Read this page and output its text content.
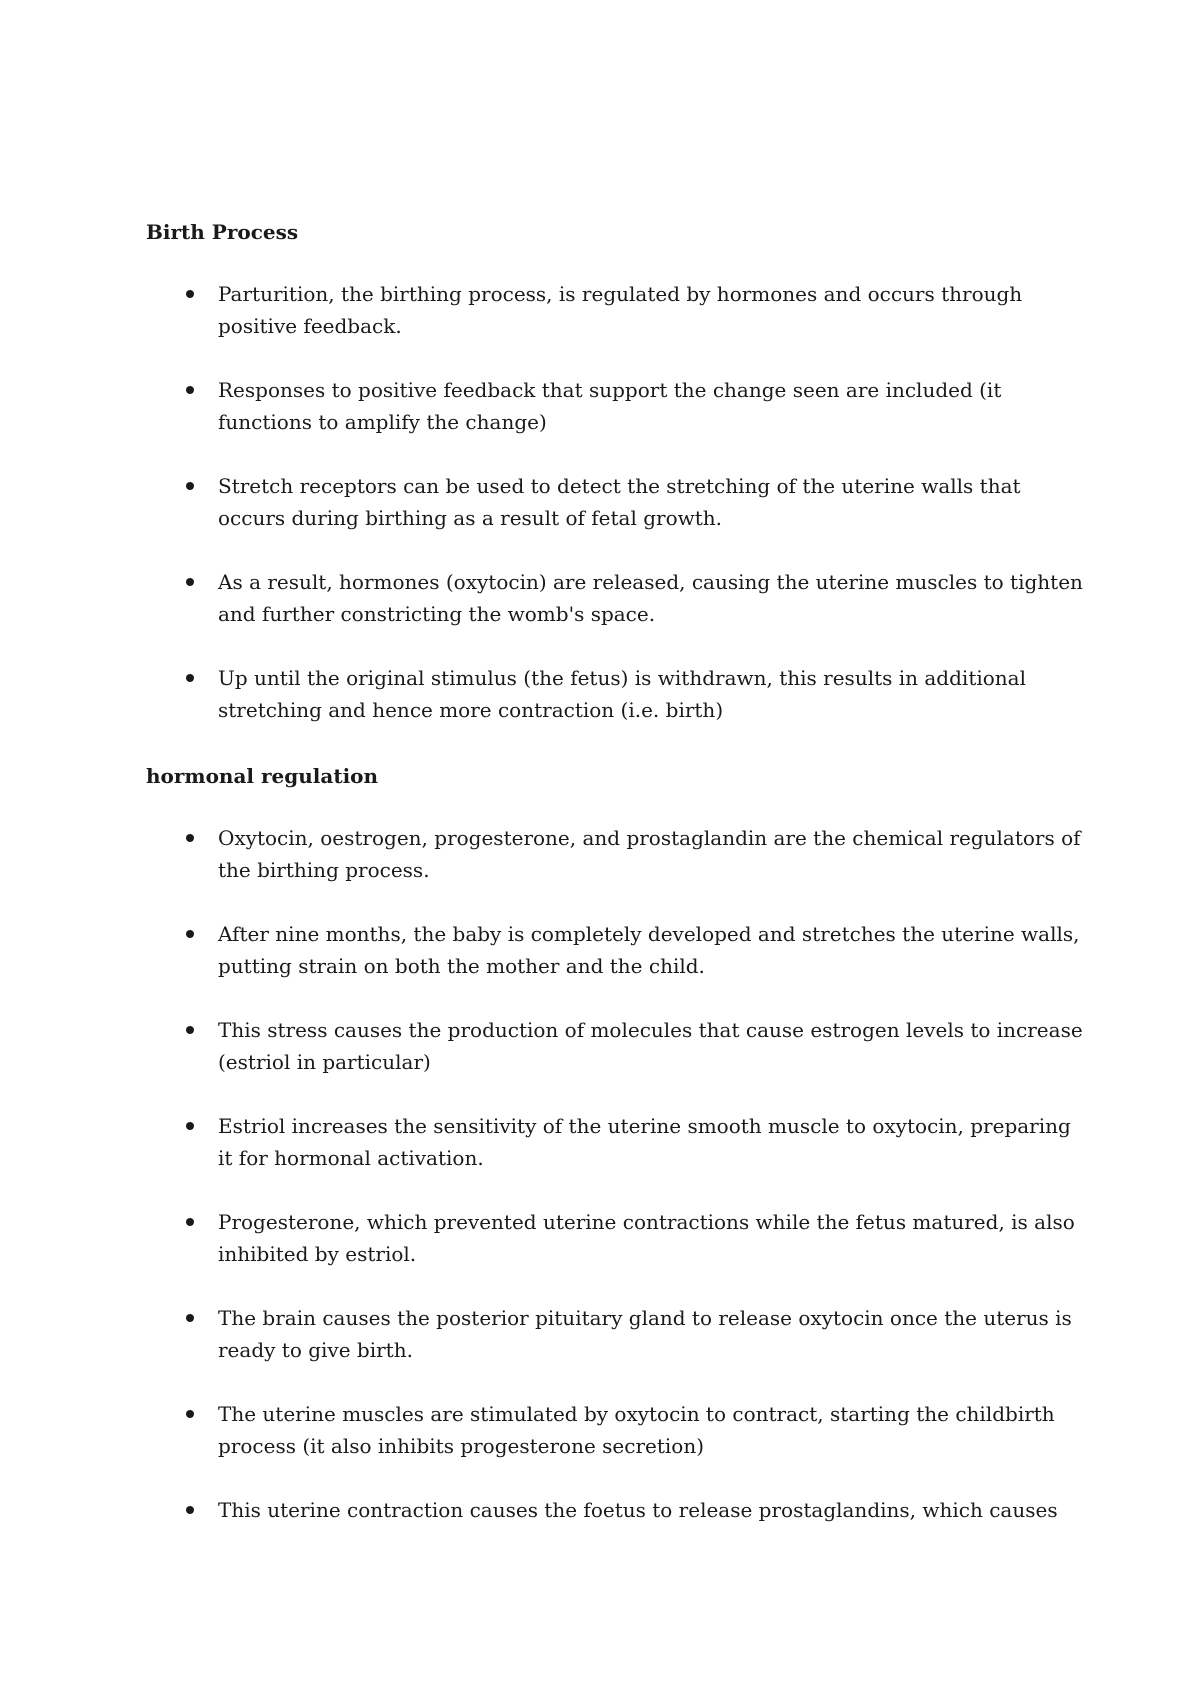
Birth Process
Parturition, the birthing process, is regulated by hormones and occurs through positive feedback.
Responses to positive feedback that support the change seen are included (it functions to amplify the change)
Stretch receptors can be used to detect the stretching of the uterine walls that occurs during birthing as a result of fetal growth.
As a result, hormones (oxytocin) are released, causing the uterine muscles to tighten and further constricting the womb's space.
Up until the original stimulus (the fetus) is withdrawn, this results in additional stretching and hence more contraction (i.e. birth)
hormonal regulation
Oxytocin, oestrogen, progesterone, and prostaglandin are the chemical regulators of the birthing process.
After nine months, the baby is completely developed and stretches the uterine walls, putting strain on both the mother and the child.
This stress causes the production of molecules that cause estrogen levels to increase (estriol in particular)
Estriol increases the sensitivity of the uterine smooth muscle to oxytocin, preparing it for hormonal activation.
Progesterone, which prevented uterine contractions while the fetus matured, is also inhibited by estriol.
The brain causes the posterior pituitary gland to release oxytocin once the uterus is ready to give birth.
The uterine muscles are stimulated by oxytocin to contract, starting the childbirth process (it also inhibits progesterone secretion)
This uterine contraction causes the foetus to release prostaglandins, which causes
